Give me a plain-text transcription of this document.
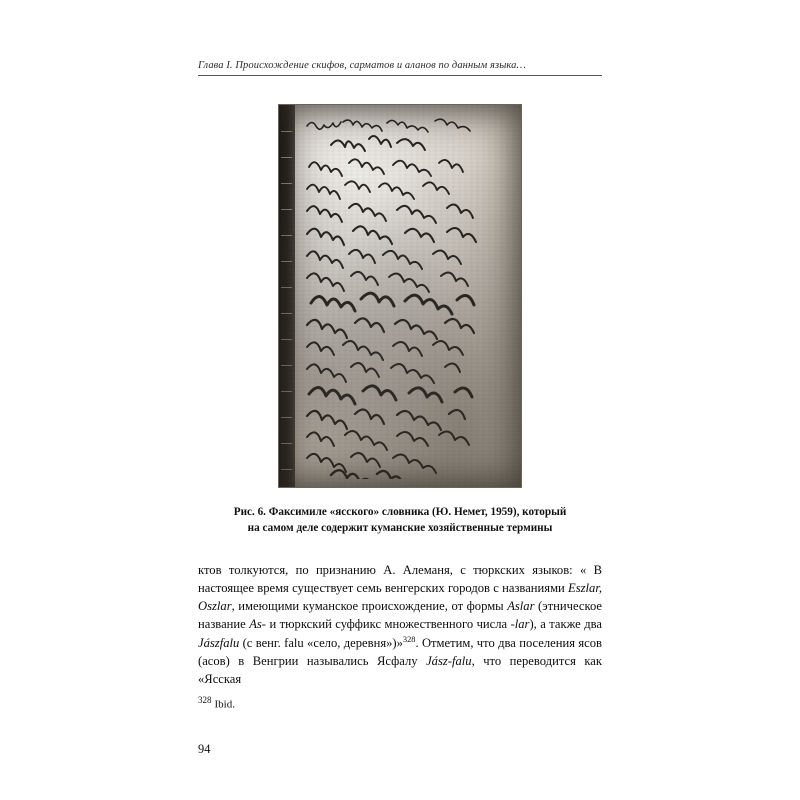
Глава I. Происхождение скифов, сарматов и аланов по данным языка…
Рис. 6. Факсимиле «ясского» словника (Ю. Немет, 1959), который
на самом деле содержит куманские хозяйственные термины

ктов толкуются, по признанию А. Алеманя, с тюркских языков: « В настоящее время существует семь венгерских городов с названиями Eszlar, Oszlar, имеющими куманское происхождение, от формы Aslar (этническое название As- и тюркский суффикс множественного числа -lar), а также два Jászfalu (с венг. falu «село, деревня»)»$^{328}$. Отметим, что два поселения ясов (асов) в Венгрии назывались Ясфалу Jász-falu, что переводится как «Ясская

$^{328}$ Ibid.
94
